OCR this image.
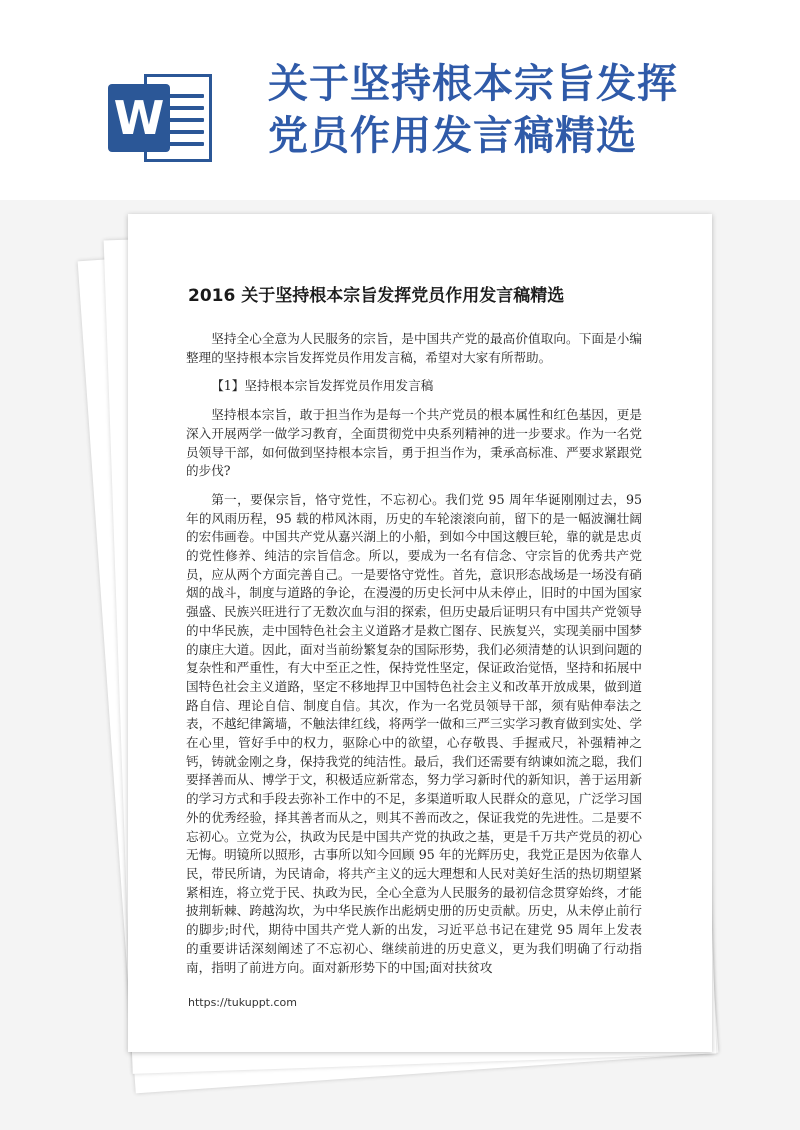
W
关于坚持根本宗旨发挥
党员作用发言稿精选
2016 关于坚持根本宗旨发挥党员作用发言稿精选

坚持全心全意为人民服务的宗旨，是中国共产党的最高价值取向。下面是小编整理的坚持根本宗旨发挥党员作用发言稿，希望对大家有所帮助。

【1】坚持根本宗旨发挥党员作用发言稿

坚持根本宗旨，敢于担当作为是每一个共产党员的根本属性和红色基因，更是深入开展两学一做学习教育，全面贯彻党中央系列精神的进一步要求。作为一名党员领导干部，如何做到坚持根本宗旨，勇于担当作为，秉承高标准、严要求紧跟党的步伐?

第一，要保宗旨，恪守党性，不忘初心。我们党 95 周年华诞刚刚过去，95 年的风雨历程，95 载的栉风沐雨，历史的车轮滚滚向前，留下的是一幅波澜壮阔的宏伟画卷。中国共产党从嘉兴湖上的小船，到如今中国这艘巨轮，靠的就是忠贞的党性修养、纯洁的宗旨信念。所以，要成为一名有信念、守宗旨的优秀共产党员，应从两个方面完善自己。一是要恪守党性。首先，意识形态战场是一场没有硝烟的战斗，制度与道路的争论，在漫漫的历史长河中从未停止，旧时的中国为国家强盛、民族兴旺进行了无数次血与泪的探索，但历史最后证明只有中国共产党领导的中华民族，走中国特色社会主义道路才是救亡图存、民族复兴，实现美丽中国梦的康庄大道。因此，面对当前纷繁复杂的国际形势，我们必须清楚的认识到问题的复杂性和严重性，有大中至正之性，保持党性坚定，保证政治觉悟，坚持和拓展中国特色社会主义道路，坚定不移地捍卫中国特色社会主义和改革开放成果，做到道路自信、理论自信、制度自信。其次，作为一名党员领导干部，须有贴伸奉法之表，不越纪律篱墙，不触法律红线，将两学一做和三严三实学习教育做到实处、学在心里，管好手中的权力，驱除心中的欲望，心存敬畏、手握戒尺，补强精神之钙，铸就金刚之身，保持我党的纯洁性。最后，我们还需要有纳谏如流之聪，我们要择善而从、博学于文，积极适应新常态，努力学习新时代的新知识，善于运用新的学习方式和手段去弥补工作中的不足，多渠道听取人民群众的意见，广泛学习国外的优秀经验，择其善者而从之，则其不善而改之，保证我党的先进性。二是要不忘初心。立党为公，执政为民是中国共产党的执政之基，更是千万共产党员的初心无悔。明镜所以照形，古事所以知今回顾 95 年的光辉历史，我党正是因为依靠人民，带民所请，为民请命，将共产主义的远大理想和人民对美好生活的热切期望紧紧相连，将立党于民、执政为民，全心全意为人民服务的最初信念贯穿始终，才能披荆斩棘、跨越沟坎，为中华民族作出彪炳史册的历史贡献。历史，从未停止前行的脚步;时代，期待中国共产党人新的出发，习近平总书记在建党 95 周年上发表的重要讲话深刻阐述了不忘初心、继续前进的历史意义，更为我们明确了行动指南，指明了前进方向。面对新形势下的中国;面对扶贫攻

https://tukuppt.com
